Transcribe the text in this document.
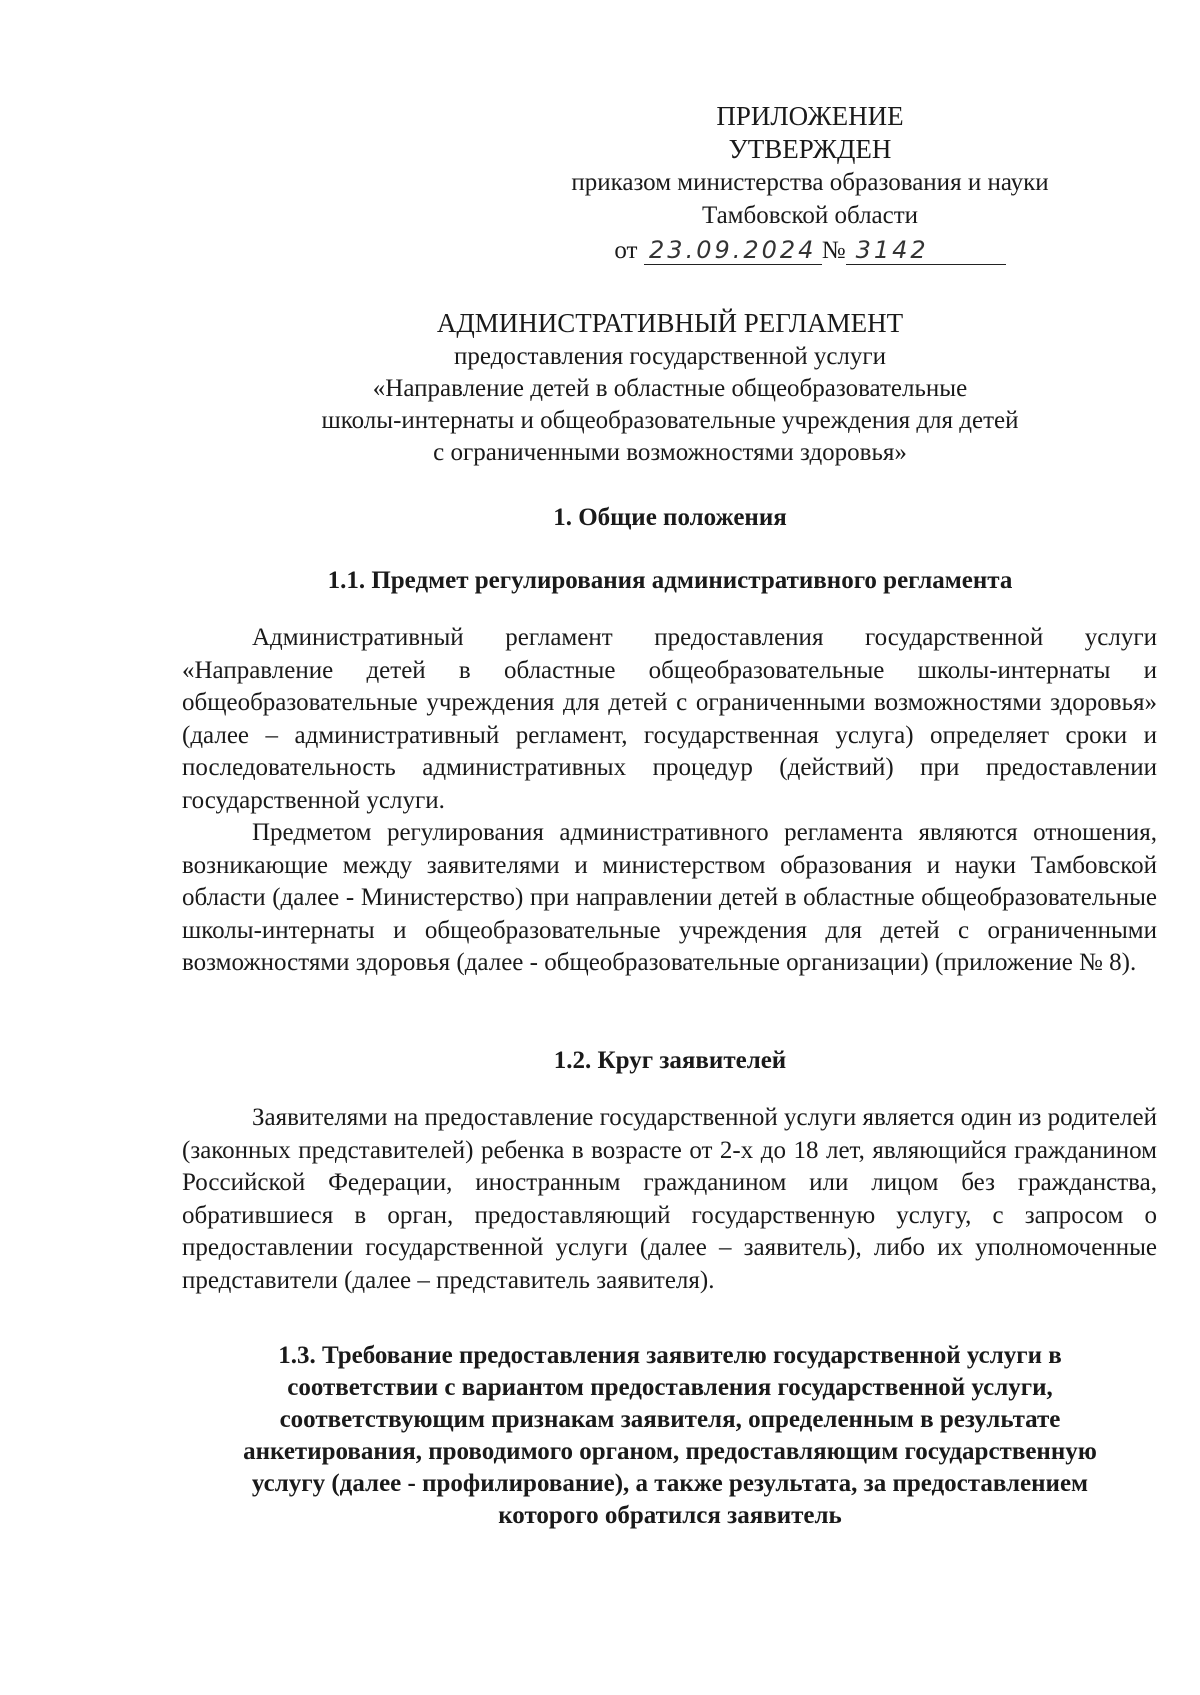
ПРИЛОЖЕНИЕ
УТВЕРЖДЕН
приказом министерства образования и науки
Тамбовской области
от 23.09.2024 № 3142
АДМИНИСТРАТИВНЫЙ РЕГЛАМЕНТ
предоставления государственной услуги
«Направление детей в областные общеобразовательные
школы-интернаты и общеобразовательные учреждения для детей
с ограниченными возможностями здоровья»
1. Общие положения
1.1. Предмет регулирования административного регламента

Административный регламент предоставления государственной услуги «Направление детей в областные общеобразовательные школы-интернаты и общеобразовательные учреждения для детей с ограниченными возможностями здоровья» (далее – административный регламент, государственная услуга) определяет сроки и последовательность административных процедур (действий) при предоставлении государственной услуги.

Предметом регулирования административного регламента являются отношения, возникающие между заявителями и министерством образования и науки Тамбовской области (далее - Министерство) при направлении детей в областные общеобразовательные школы-интернаты и общеобразовательные учреждения для детей с ограниченными возможностями здоровья (далее - общеобразовательные организации) (приложение № 8).

1.2. Круг заявителей

Заявителями на предоставление государственной услуги является один из родителей (законных представителей) ребенка в возрасте от 2-х до 18 лет, являющийся гражданином Российской Федерации, иностранным гражданином или лицом без гражданства, обратившиеся в орган, предоставляющий государственную услугу, с запросом о предоставлении государственной услуги (далее – заявитель), либо их уполномоченные представители (далее – представитель заявителя).

1.3. Требование предоставления заявителю государственной услуги в
соответствии с вариантом предоставления государственной услуги,
соответствующим признакам заявителя, определенным в результате
анкетирования, проводимого органом, предоставляющим государственную
услугу (далее - профилирование), а также результата, за предоставлением
которого обратился заявитель
